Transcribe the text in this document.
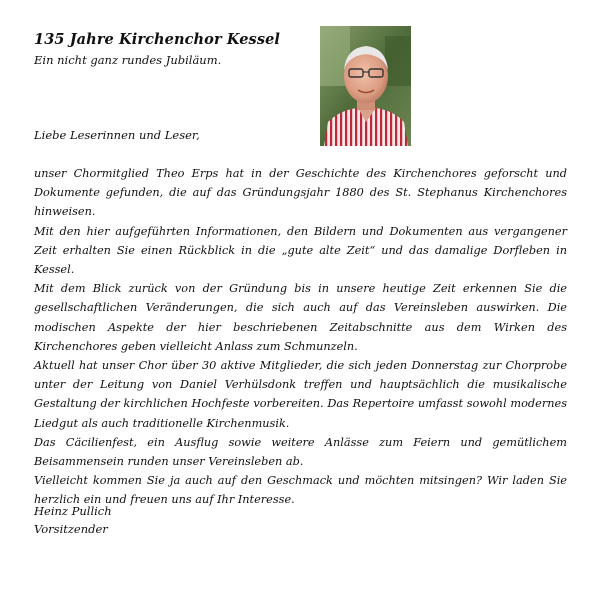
135 Jahre Kirchenchor Kessel
Ein nicht ganz rundes Jubiläum.
Liebe Leserinnen und Leser,

unser Chormitglied Theo Erps hat in der Geschichte des Kirchenchores geforscht und Dokumente gefunden, die auf das Gründungsjahr 1880 des St. Stephanus Kirchenchores hinweisen.

Mit den hier aufgeführten Informationen, den Bildern und Dokumenten aus vergangener Zeit erhalten Sie einen Rückblick in die „gute alte Zeit“ und das damalige Dorfleben in Kessel.

Mit dem Blick zurück von der Gründung bis in unsere heutige Zeit erkennen Sie die gesellschaftlichen Veränderungen, die sich auch auf das Vereinsleben auswirken. Die modischen Aspekte der hier beschriebenen Zeitabschnitte aus dem Wirken des Kirchenchores geben vielleicht Anlass zum Schmunzeln.

Aktuell hat unser Chor über 30 aktive Mitglieder, die sich jeden Donnerstag zur Chorprobe unter der Leitung von Daniel Verhülsdonk treffen und hauptsächlich die musikalische Gestaltung der kirchlichen Hochfeste vorbereiten. Das Repertoire umfasst sowohl modernes Liedgut als auch traditionelle Kirchenmusik.

Das Cäcilienfest, ein Ausflug sowie weitere Anlässe zum Feiern und gemütlichem Beisammensein runden unser Vereinsleben ab.

Vielleicht kommen Sie ja auch auf den Geschmack und möchten mitsingen? Wir laden Sie herzlich ein und freuen uns auf Ihr Interesse.

Heinz Pullich
Vorsitzender
